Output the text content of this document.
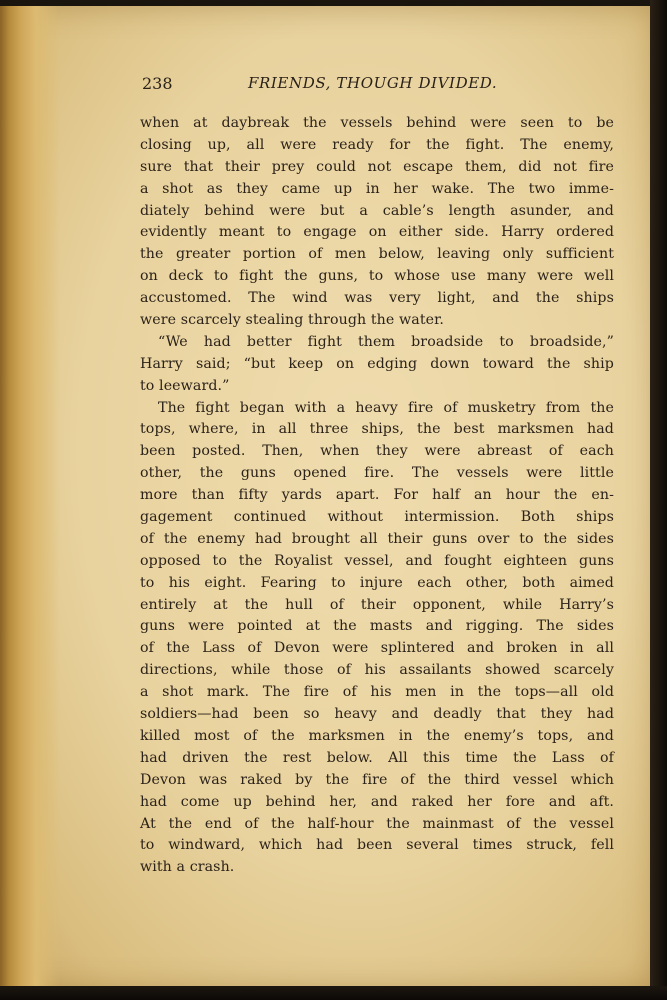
238	FRIENDS, THOUGH DIVIDED.
when at daybreak the vessels behind were seen to be
closing up, all were ready for the fight. The enemy,
sure that their prey could not escape them, did not fire
a shot as they came up in her wake. The two imme-
diately behind were but a cable’s length asunder, and
evidently meant to engage on either side. Harry ordered
the greater portion of men below, leaving only sufficient
on deck to fight the guns, to whose use many were well
accustomed. The wind was very light, and the ships
were scarcely stealing through the water.
“We had better fight them broadside to broadside,”
Harry said; “but keep on edging down toward the ship
to leeward.”
The fight began with a heavy fire of musketry from the
tops, where, in all three ships, the best marksmen had
been posted. Then, when they were abreast of each
other, the guns opened fire. The vessels were little
more than fifty yards apart. For half an hour the en-
gagement continued without intermission. Both ships
of the enemy had brought all their guns over to the sides
opposed to the Royalist vessel, and fought eighteen guns
to his eight. Fearing to injure each other, both aimed
entirely at the hull of their opponent, while Harry’s
guns were pointed at the masts and rigging. The sides
of the Lass of Devon were splintered and broken in all
directions, while those of his assailants showed scarcely
a shot mark. The fire of his men in the tops—all old
soldiers—had been so heavy and deadly that they had
killed most of the marksmen in the enemy’s tops, and
had driven the rest below. All this time the Lass of
Devon was raked by the fire of the third vessel which
had come up behind her, and raked her fore and aft.
At the end of the half-hour the mainmast of the vessel
to windward, which had been several times struck, fell
with a crash.
